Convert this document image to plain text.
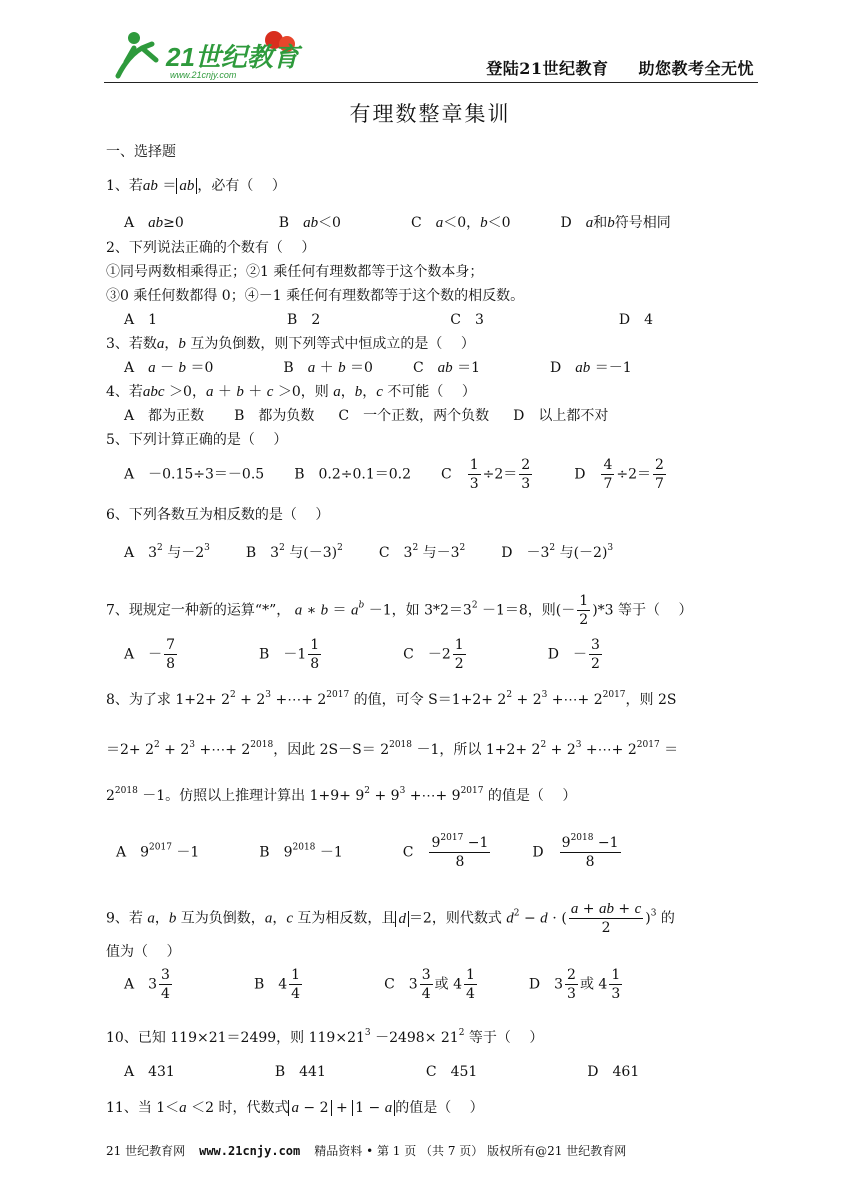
21世纪教育
www.21cnjy.com	登陆21世纪教育 助您教考全无忧
有理数整章集训
一、选择题
1、若ab ＝ ab ，必有（　 ）
A　ab≥0	B　ab＜0	C　a＜0，b＜0	D　a和b符号相同
2、下列说法正确的个数有（　 ）
①同号两数相乘得正；②1 乘任何有理数都等于这个数本身；
③0 乘任何数都得 0；④－1 乘任何有理数都等于这个数的相反数。
A　1	B　2	C　3	D　4
3、若数a，b 互为负倒数，则下列等式中恒成立的是（　 ）
A　a － b ＝0	B　a ＋ b ＝0	C　ab ＝1	D　ab ＝－1
4、若abc ＞0，a ＋ b ＋ c ＞0，则 a，b，c 不可能（　 ）
A　都为正数 B　都为负数 C　一个正数，两个负数 D　以上都不对
5、下列计算正确的是（　 ）
A　－0.15÷3＝－0.5 B　0.2÷0.1＝0.2 C　 $\frac{1}{3} \div 2= \frac{2}{3}$	D　 $\frac{4}{7} \div 2= \frac{2}{7}$
6、下列各数互为相反数的是（　 ）
A　$3^2$ 与$-2^3$	B　$3^2$ 与$(-3)^2$	C　$3^2$ 与$-3^2$	D　$-3^2$ 与$(-2)^3$
7、现规定一种新的运算“*”， a ∗ $b = a^b -1$，如 $3*2=3^2 -1=8$，则(－ $\frac{1}{2} )*3$ 等于（　 ）
A　－ $\frac{7}{8}$	B　$-1 \frac{1}{8}$	C　$-2 \frac{1}{2}$	D　－ $\frac{3}{2}$
8、为了求 $1+2+ 2^2 + 2^3$ +⋯+ $2^{2017}$ 的值，可令 $S=1+2+ 2^2 + 2^3$ +⋯+ $2^{2017}$，则 2S
$=2+ 2^2 + 2^3$ +⋯+ $2^{2018}$，因此 $2S-S= 2^{2018} -1$，所以 $1+2+ 2^2 + 2^3$ +⋯+ $2^{2017}$ ＝
$2^{2018} -1$。仿照以上推理计算出 $1+9+ 9^2 + 9^3$ +⋯+ $9^{2017}$ 的值是（　 ）
A　$9^{2017} -1$	B　$9^{2018} -1$	C　 $\frac{9^{2017} -1}{8}$	D　 $\frac{9^{2018} -1}{8}$
9、若 a，b 互为负倒数，a，c 互为相反数，且 d ＝2，则代数式 $d^2 - d$ ⋅ ( $\frac{a + ab + c}{2} )^3$ 的
值为（　 ）
A　$3 \frac{3}{4}$	B　$4 \frac{1}{4}$	C　$3 \frac{3}{4}$ 或 $4 \frac{1}{4}$	D　$3 \frac{2}{3}$ 或 $4 \frac{1}{3}$
10、已知 119×21＝2499，则 $119\times 21^3 -2498\times 21^2$ 等于（　 ）
A　431	B　441	C　451	D　461
11、当 1＜a ＜2 时，代数式 a − 2 + 1 − a 的值是（　 ）
21 世纪教育网 www.21cnjy.com 精品资料 • 第 1 页 （共 7 页） 版权所有@21 世纪教育网
